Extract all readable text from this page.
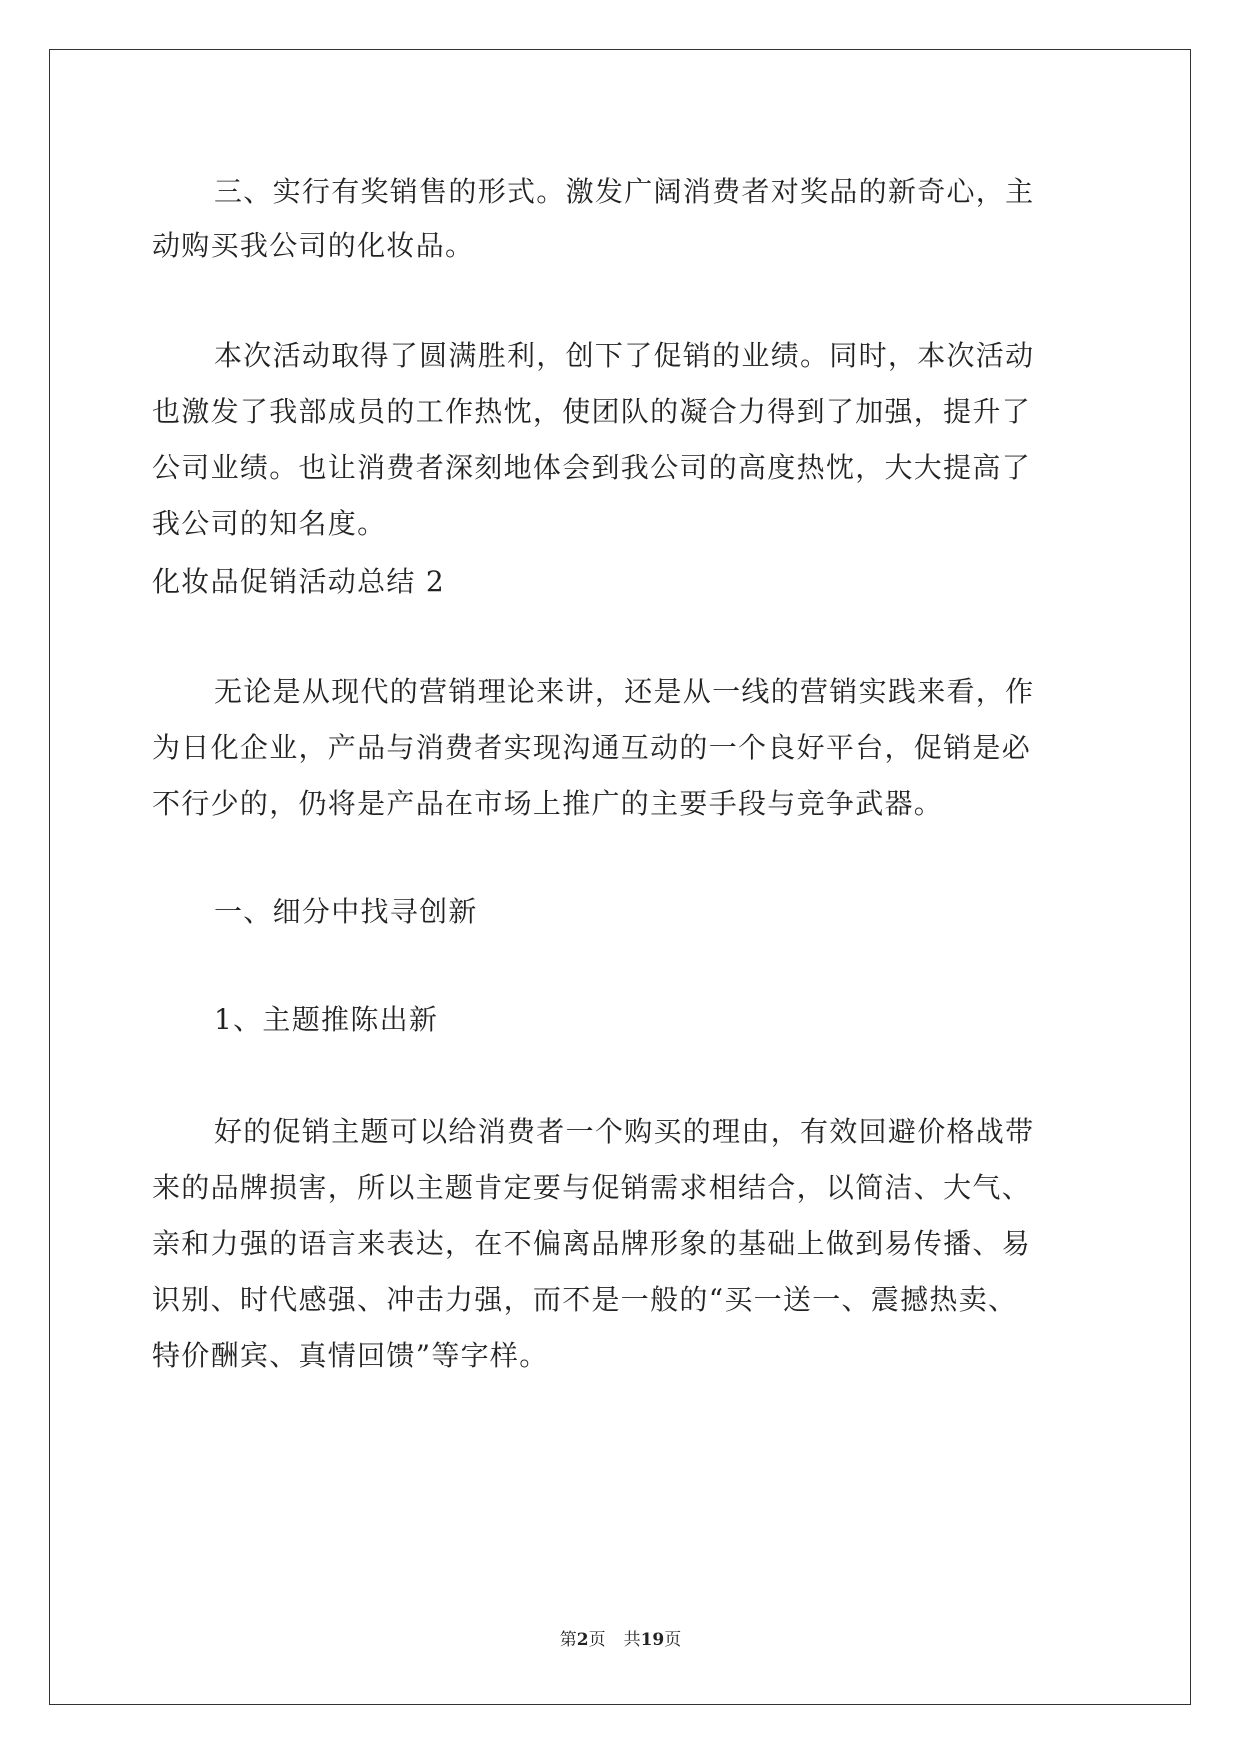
三、实行有奖销售的形式。激发广阔消费者对奖品的新奇心，主
动购买我公司的化妆品。
本次活动取得了圆满胜利，创下了促销的业绩。同时，本次活动
也激发了我部成员的工作热忱，使团队的凝合力得到了加强，提升了
公司业绩。也让消费者深刻地体会到我公司的高度热忱，大大提高了
我公司的知名度。
化妆品促销活动总结 2
无论是从现代的营销理论来讲，还是从一线的营销实践来看，作
为日化企业，产品与消费者实现沟通互动的一个良好平台，促销是必
不行少的，仍将是产品在市场上推广的主要手段与竞争武器。
一、细分中找寻创新
1、主题推陈出新
好的促销主题可以给消费者一个购买的理由，有效回避价格战带
来的品牌损害，所以主题肯定要与促销需求相结合，以简洁、大气、
亲和力强的语言来表达，在不偏离品牌形象的基础上做到易传播、易
识别、时代感强、冲击力强，而不是一般的“买一送一、震撼热卖、
特价酬宾、真情回馈”等字样。
第2页 共19页
